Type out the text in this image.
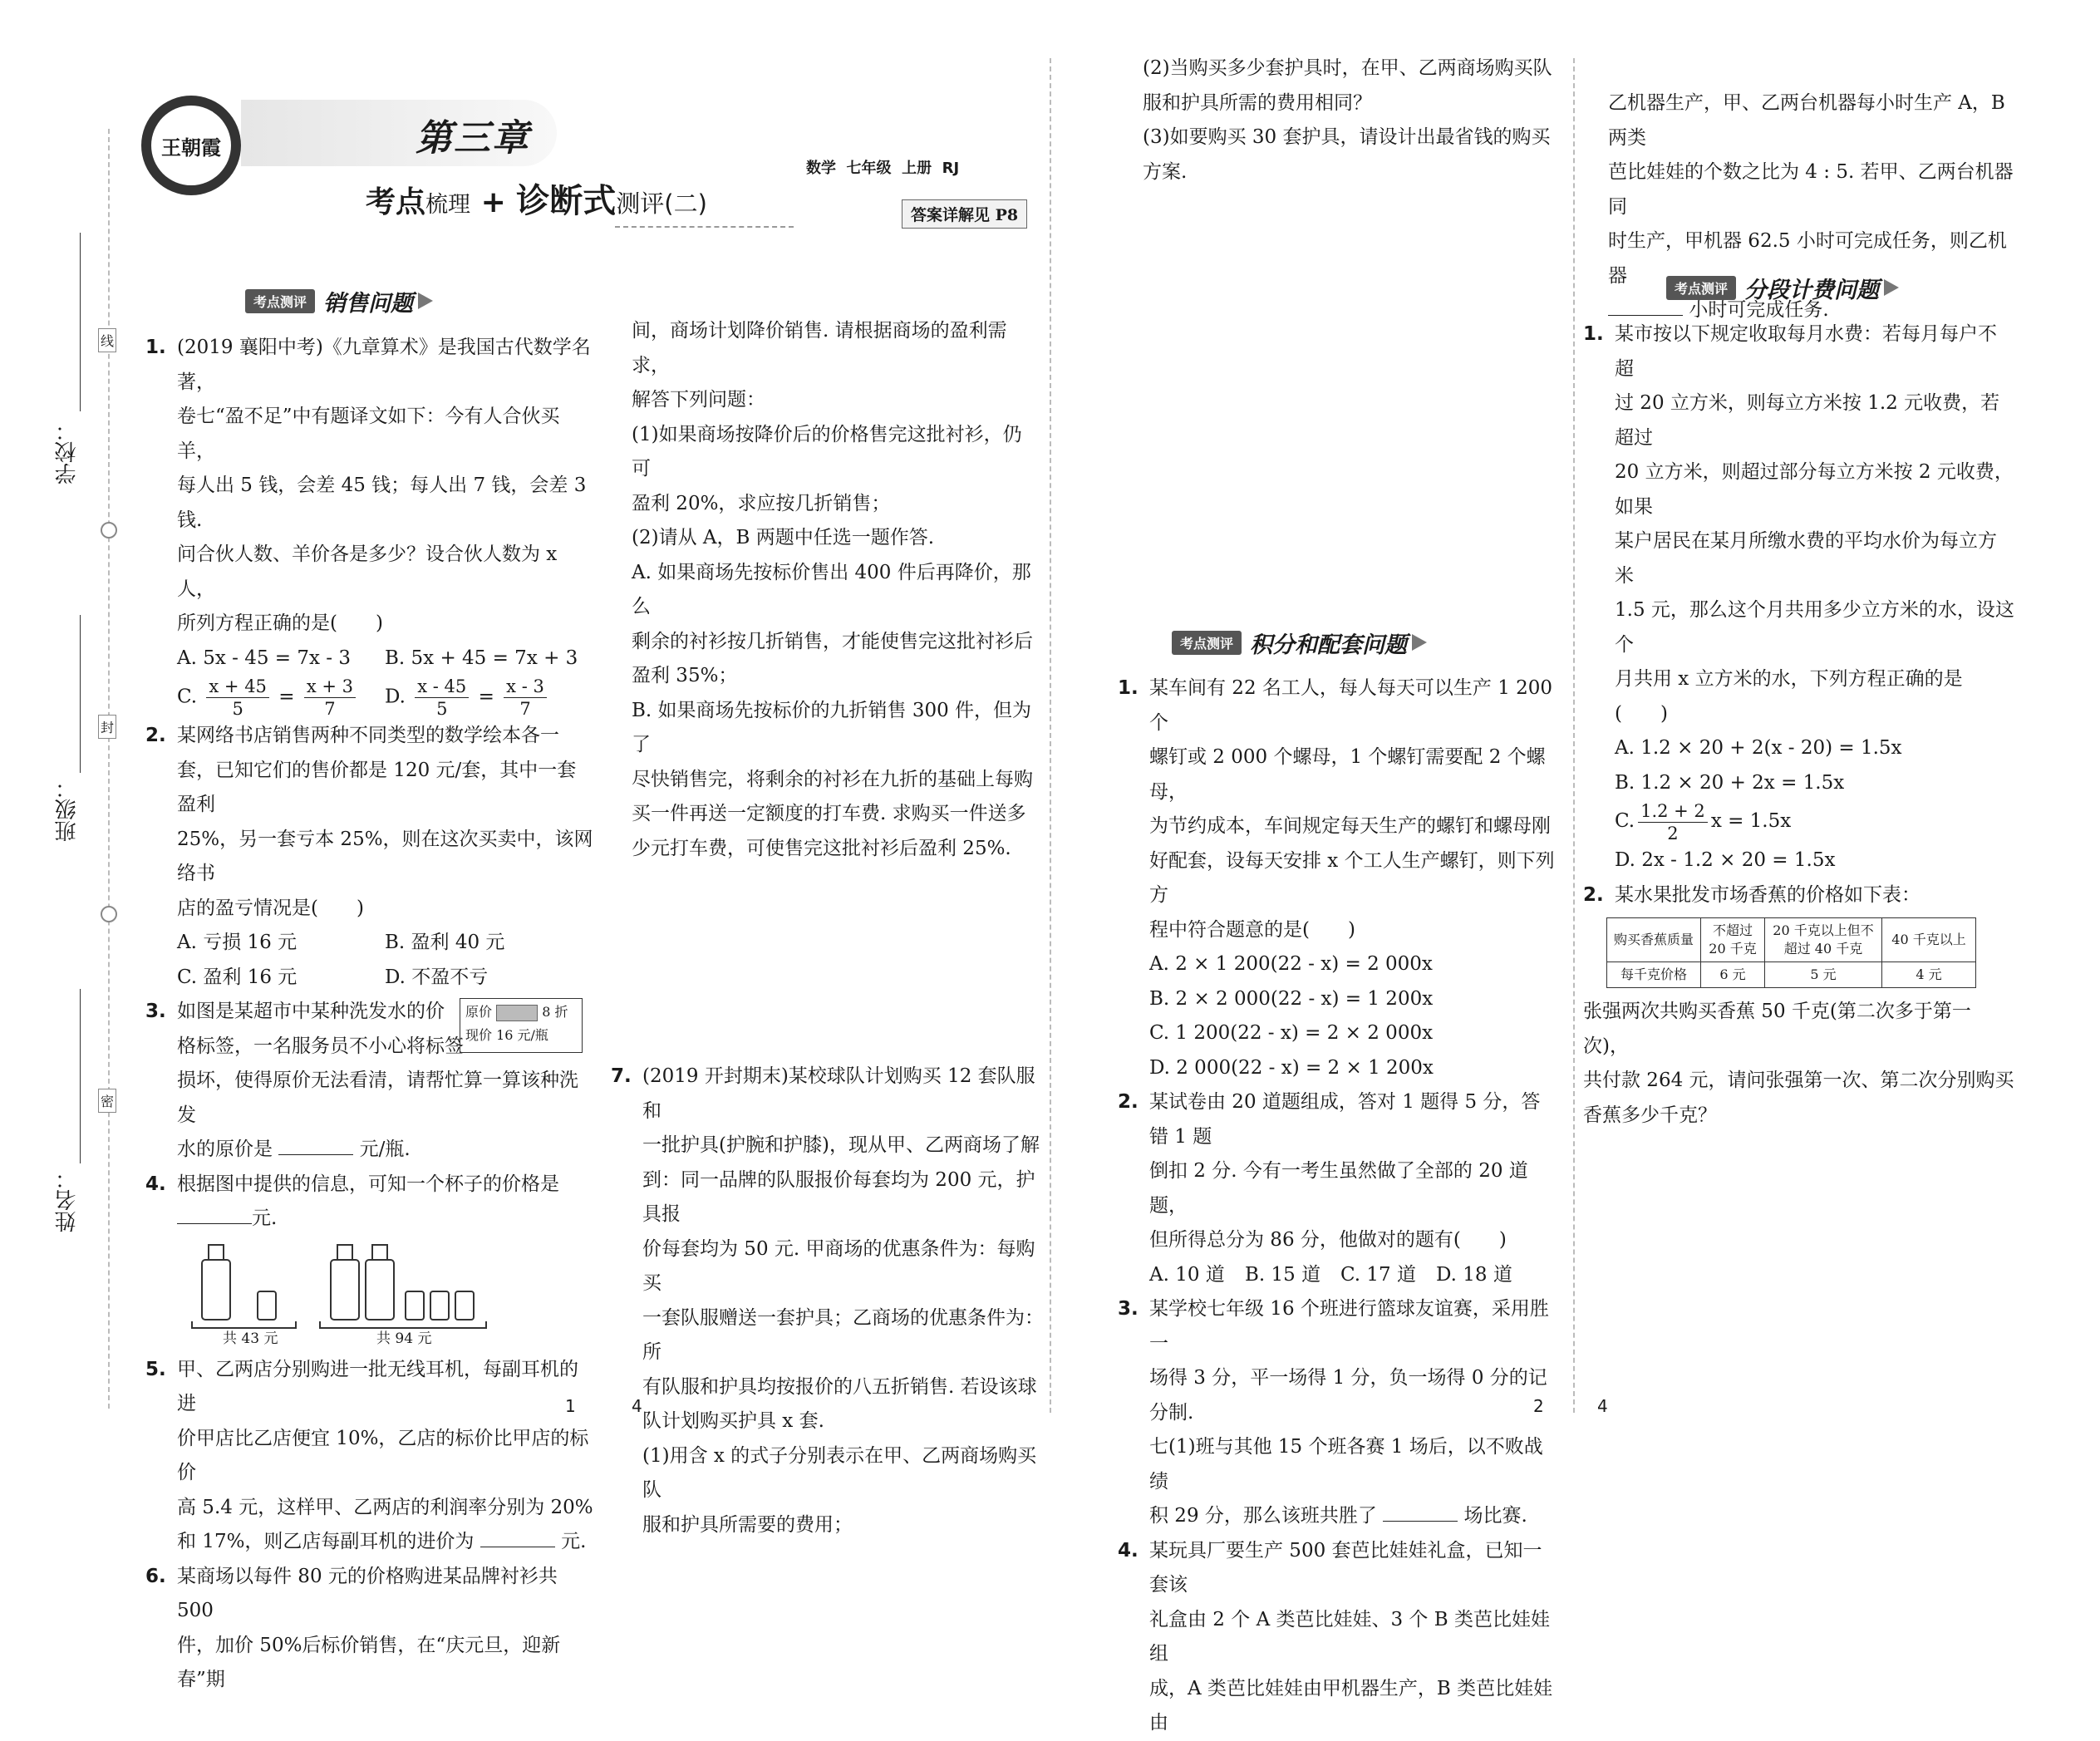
学校：
班级：
姓名：
线
封
密
王朝霞	第三章
考点梳理 + 诊断式测评(二)
数学  七年级  上册  RJ
答案详解见 P8
考点测评 销售问题
1. (2019 襄阳中考)《九章算术》是我国古代数学名著，

卷七“盈不足”中有题译文如下：今有人合伙买羊，

每人出 5 钱，会差 45 钱；每人出 7 钱，会差 3 钱.

问合伙人数、羊价各是多少？设合伙人数为 x 人，

所列方程正确的是(　　)

A. 5x - 45 = 7x - 3	B. 5x + 45 = 7x + 3
C. $\frac{x + 45}{5} = \frac{x + 3}{7} D$. $\frac{x - 45}{5} = \frac{x - 3}{7}$
2. 某网络书店销售两种不同类型的数学绘本各一

套，已知它们的售价都是 120 元/套，其中一套盈利

25%，另一套亏本 25%，则在这次买卖中，该网络书

店的盈亏情况是(　　)

A. 亏损 16 元	B. 盈利 40 元
C. 盈利 16 元	D. 不盈不亏
3. 如图是某超市中某种洗发水的价

格标签，一名服务员不小心将标签

损坏，使得原价无法看清，请帮忙算一算该种洗发

水的原价是	元/瓶.

原价	8 折
现价 16 元/瓶
4. 根据图中提供的信息，可知一个杯子的价格是

元.

共 43 元	共 94 元
5. 甲、乙两店分别购进一批无线耳机，每副耳机的进

价甲店比乙店便宜 10%，乙店的标价比甲店的标价

高 5.4 元，这样甲、乙两店的利润率分别为 20%

和 17%，则乙店每副耳机的进价为	元.

6. 某商场以每件 80 元的价格购进某品牌衬衫共 500

件，加价 50%后标价销售，在“庆元旦，迎新春”期

间，商场计划降价销售. 请根据商场的盈利需求，

解答下列问题：

(1)如果商场按降价后的价格售完这批衬衫，仍可

盈利 20%，求应按几折销售；

(2)请从 A，B 两题中任选一题作答.

A. 如果商场先按标价售出 400 件后再降价，那么

剩余的衬衫按几折销售，才能使售完这批衬衫后

盈利 35%；

B. 如果商场先按标价的九折销售 300 件，但为了

尽快销售完，将剩余的衬衫在九折的基础上每购

买一件再送一定额度的打车费. 求购买一件送多

少元打车费，可使售完这批衬衫后盈利 25%.

7. (2019 开封期末)某校球队计划购买 12 套队服和

一批护具(护腕和护膝)，现从甲、乙两商场了解

到：同一品牌的队服报价每套均为 200 元，护具报

价每套均为 50 元. 甲商场的优惠条件为：每购买

一套队服赠送一套护具；乙商场的优惠条件为：所

有队服和护具均按报价的八五折销售. 若设该球

队计划购买护具 x 套.

(1)用含 x 的式子分别表示在甲、乙两商场购买队

服和护具所需要的费用；

(2)当购买多少套护具时，在甲、乙两商场购买队

服和护具所需的费用相同？

(3)如要购买 30 套护具，请设计出最省钱的购买

方案.

考点测评 积分和配套问题
1. 某车间有 22 名工人，每人每天可以生产 1 200 个

螺钉或 2 000 个螺母，1 个螺钉需要配 2 个螺母，

为节约成本，车间规定每天生产的螺钉和螺母刚

好配套，设每天安排 x 个工人生产螺钉，则下列方

程中符合题意的是(　　)

A. 2 × 1 200(22 - x) = 2 000x

B. 2 × 2 000(22 - x) = 1 200x

C. 1 200(22 - x) = 2 × 2 000x

D. 2 000(22 - x) = 2 × 1 200x

2. 某试卷由 20 道题组成，答对 1 题得 5 分，答错 1 题

倒扣 2 分. 今有一考生虽然做了全部的 20 道题，

但所得总分为 86 分，他做对的题有(　　)

A. 10 道	B. 15 道	C. 17 道	D. 18 道
3. 某学校七年级 16 个班进行篮球友谊赛，采用胜一

场得 3 分，平一场得 1 分，负一场得 0 分的记分制.

七(1)班与其他 15 个班各赛 1 场后，以不败战绩

积 29 分，那么该班共胜了	场比赛.

4. 某玩具厂要生产 500 套芭比娃娃礼盒，已知一套该

礼盒由 2 个 A 类芭比娃娃、3 个 B 类芭比娃娃组

成，A 类芭比娃娃由甲机器生产，B 类芭比娃娃由

乙机器生产，甲、乙两台机器每小时生产 A，B 两类

芭比娃娃的个数之比为 4 : 5. 若甲、乙两台机器同

时生产，甲机器 62.5 小时可完成任务，则乙机器

小时可完成任务.

考点测评 分段计费问题
1. 某市按以下规定收取每月水费：若每月每户不超

过 20 立方米，则每立方米按 1.2 元收费，若超过

20 立方米，则超过部分每立方米按 2 元收费，如果

某户居民在某月所缴水费的平均水价为每立方米

1.5 元，那么这个月共用多少立方米的水，设这个

月共用 x 立方米的水，下列方程正确的是(　　)

A. 1.2 × 20 + 2(x - 20) = 1.5x

B. 1.2 × 20 + 2x = 1.5x

C. $\frac{1.2 + 2}{2}$ x = 1.5x

D. 2x - 1.2 × 20 = 1.5x

2. 某水果批发市场香蕉的价格如下表：

购买香蕉质量	不超过20 千克	20 千克以上但不超过 40 千克	40 千克以上
每千克价格	6 元	5 元	4 元

张强两次共购买香蕉 50 千克(第二次多于第一次)，

共付款 264 元，请问张强第一次、第二次分别购买

香蕉多少千克？

1	4	2	4
